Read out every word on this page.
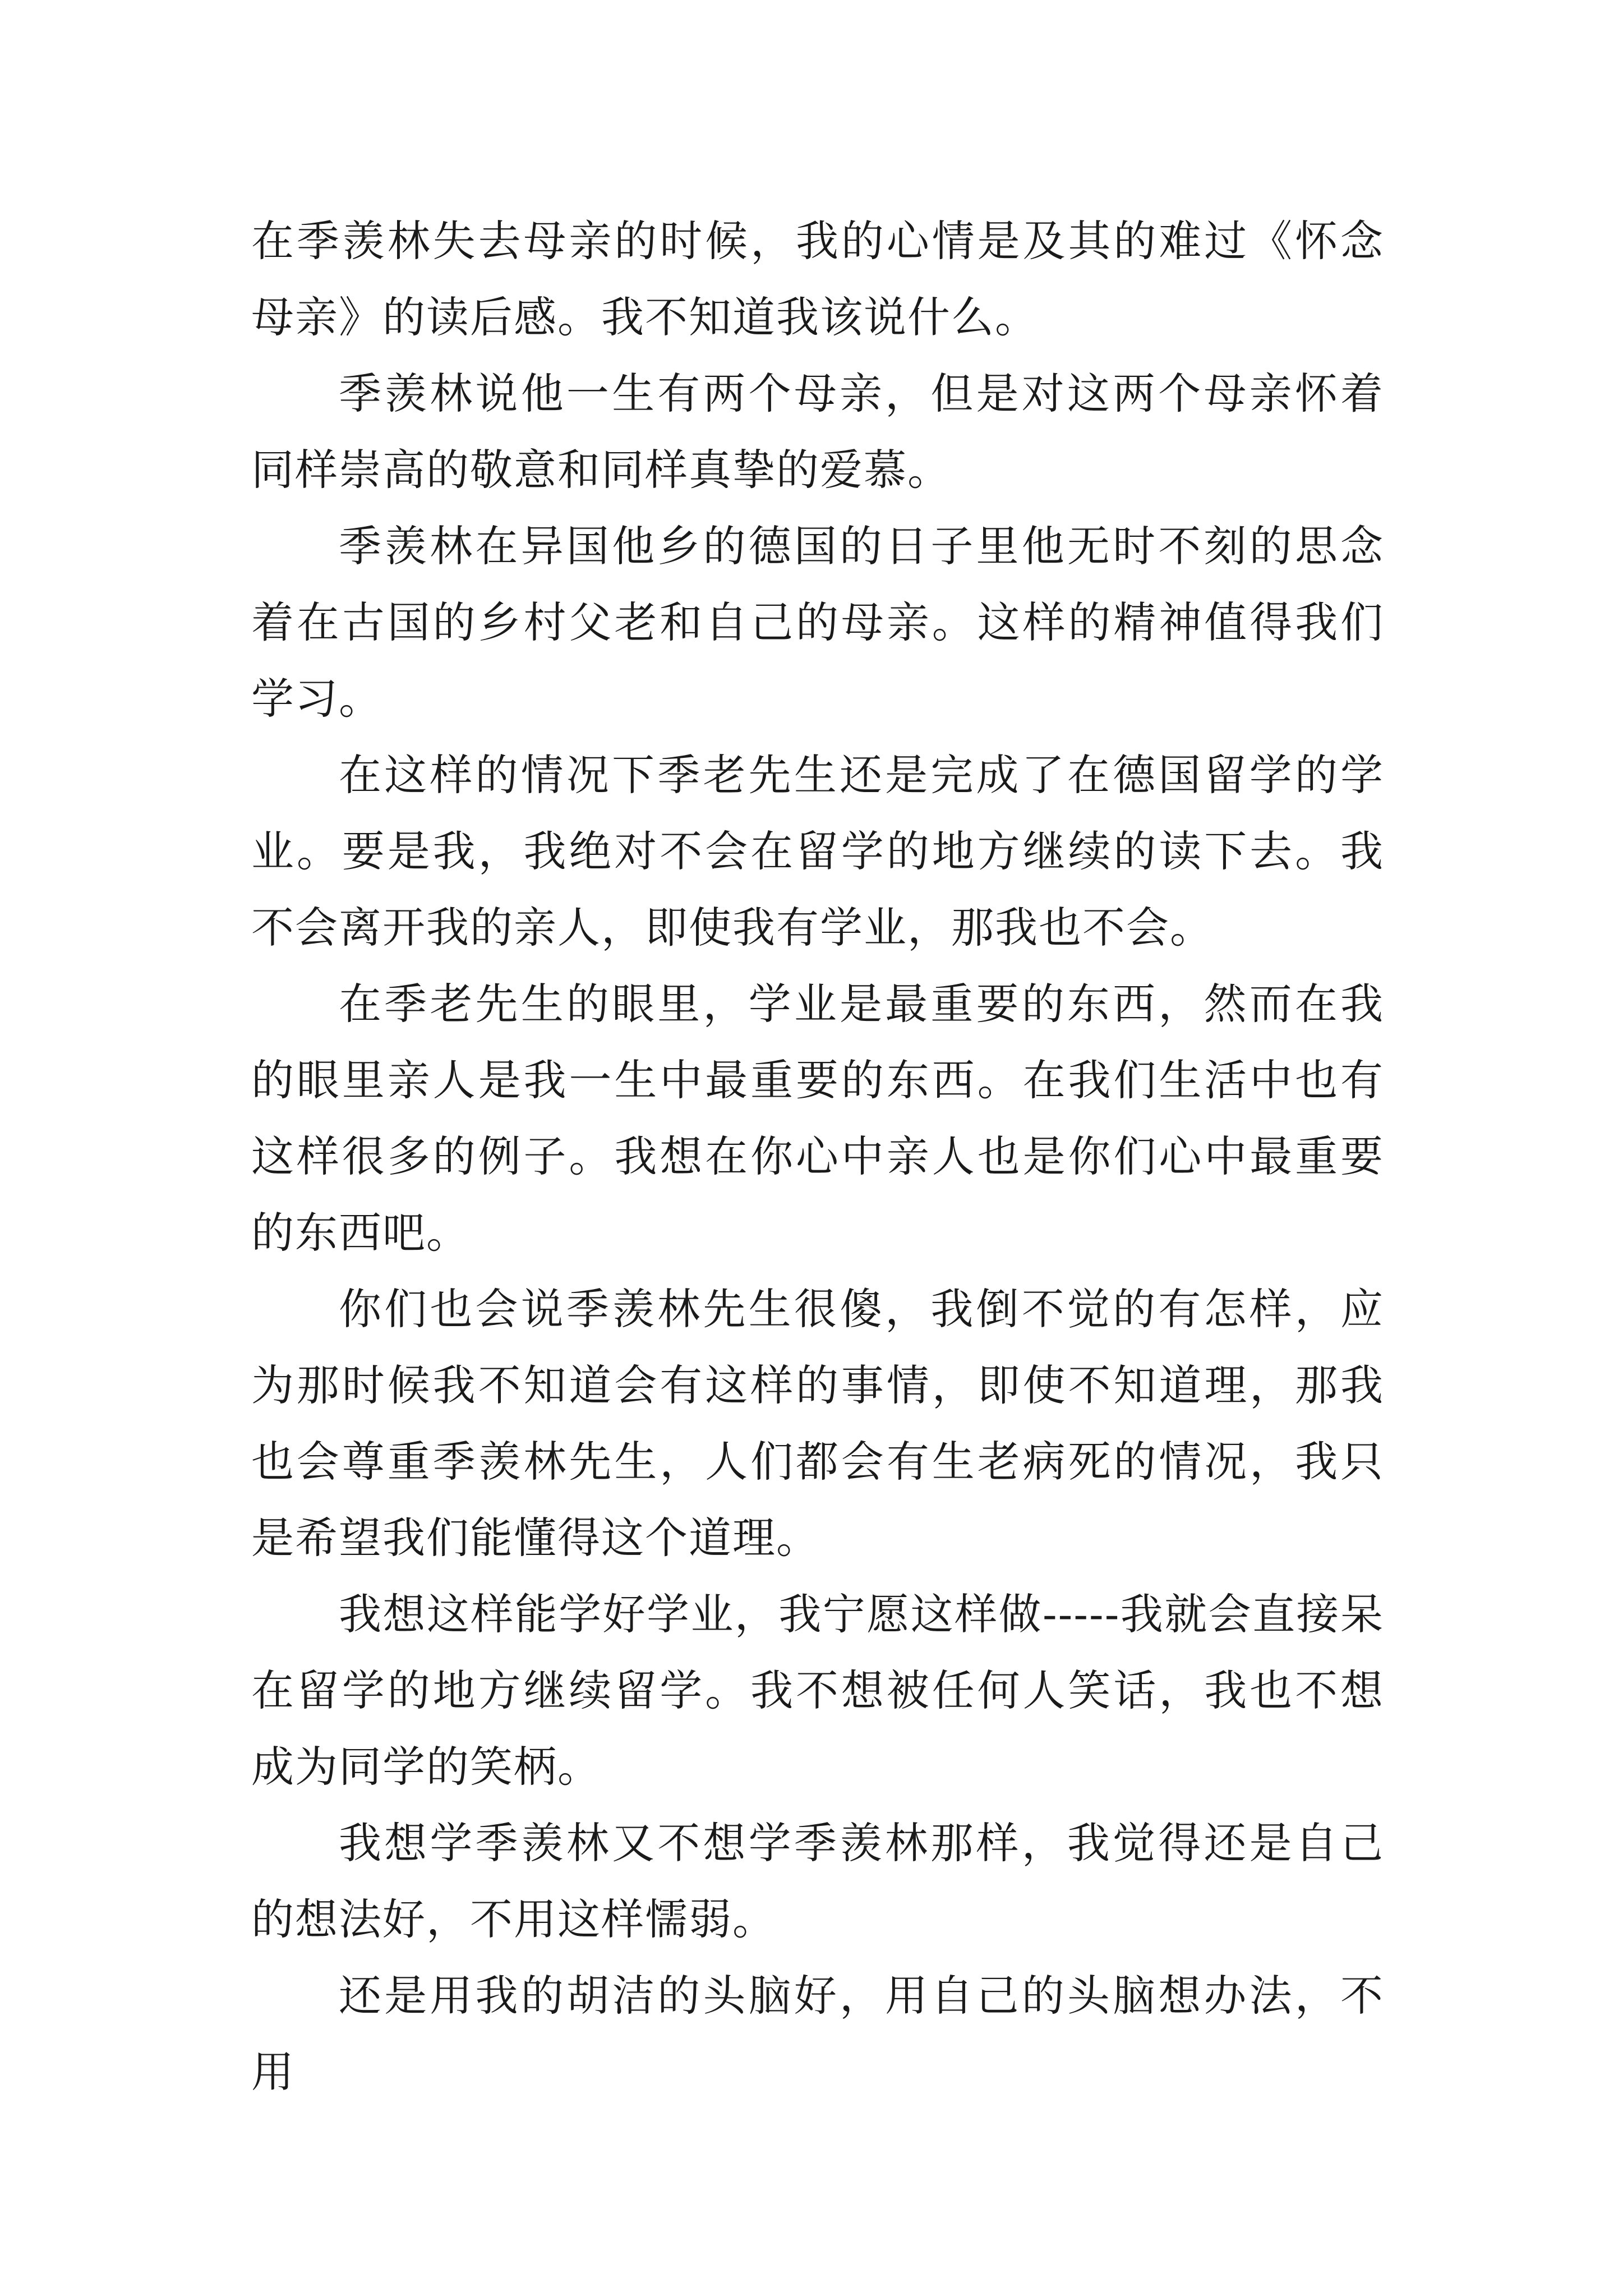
在季羡林失去母亲的时候，我的心情是及其的难过《怀念母亲》的读后感。我不知道我该说什么。

季羡林说他一生有两个母亲，但是对这两个母亲怀着同样崇高的敬意和同样真挚的爱慕。

季羡林在异国他乡的德国的日子里他无时不刻的思念着在古国的乡村父老和自己的母亲。这样的精神值得我们学习。

在这样的情况下季老先生还是完成了在德国留学的学业。要是我，我绝对不会在留学的地方继续的读下去。我不会离开我的亲人，即使我有学业，那我也不会。

在季老先生的眼里，学业是最重要的东西，然而在我的眼里亲人是我一生中最重要的东西。在我们生活中也有这样很多的例子。我想在你心中亲人也是你们心中最重要的东西吧。

你们也会说季羡林先生很傻，我倒不觉的有怎样，应为那时候我不知道会有这样的事情，即使不知道理，那我也会尊重季羡林先生，人们都会有生老病死的情况，我只是希望我们能懂得这个道理。

我想这样能学好学业，我宁愿这样做-----我就会直接呆在留学的地方继续留学。我不想被任何人笑话，我也不想成为同学的笑柄。

我想学季羡林又不想学季羡林那样，我觉得还是自己的想法好，不用这样懦弱。

还是用我的胡洁的头脑好，用自己的头脑想办法，不用
